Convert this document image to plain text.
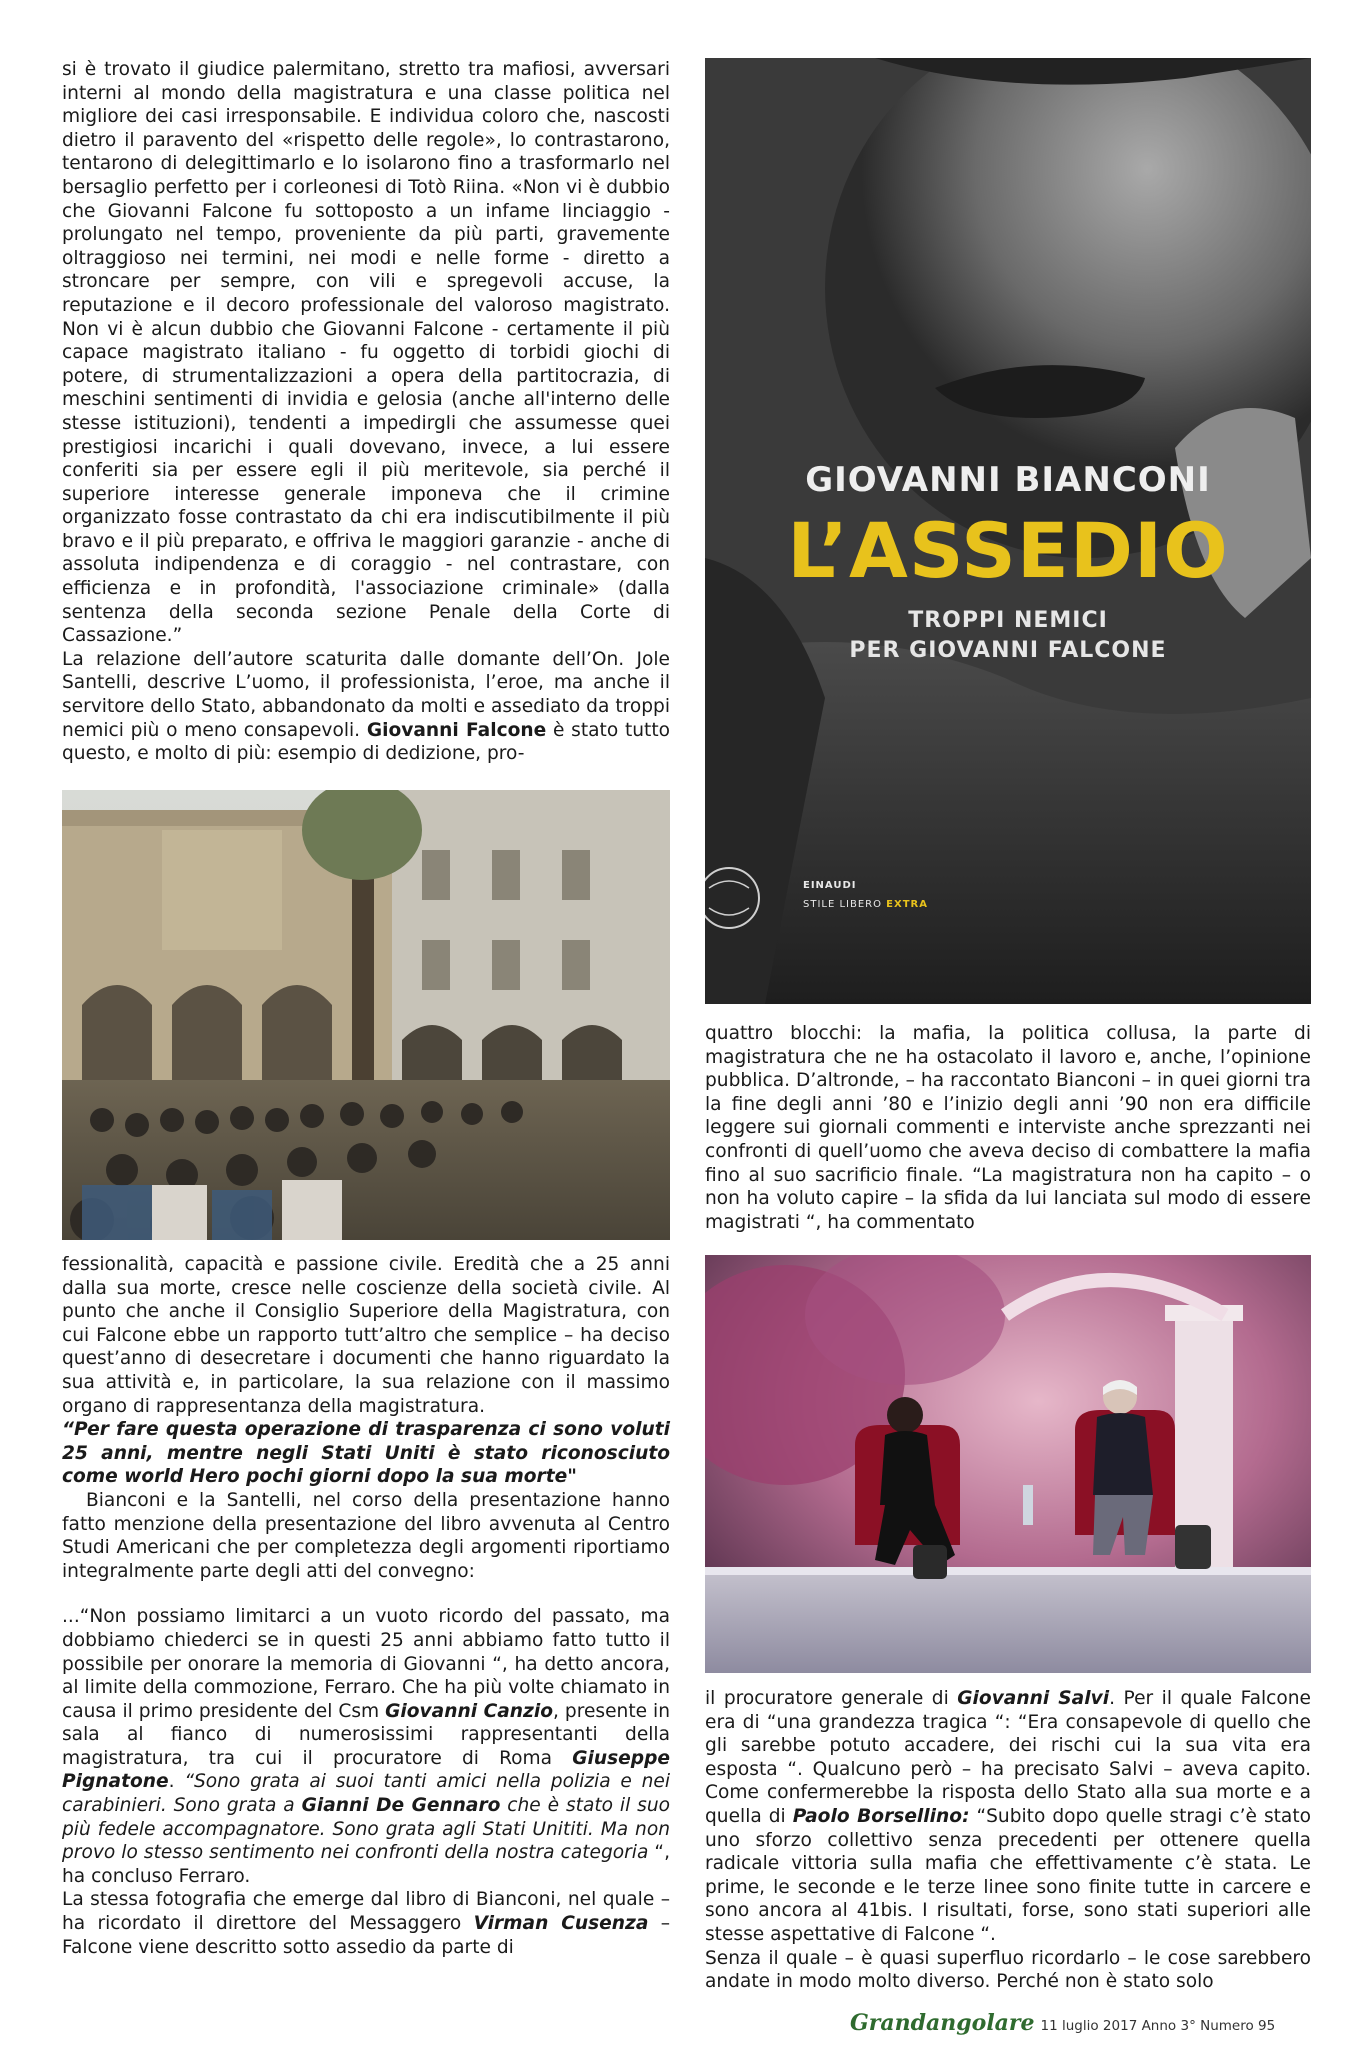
si è trovato il giudice palermitano, stretto tra mafiosi, avversari interni al mondo della magistratura e una classe politica nel migliore dei casi irresponsabile. E individua coloro che, nascosti dietro il paravento del «rispetto delle regole», lo contrastarono, tentarono di delegittimarlo e lo isolarono fino a trasformarlo nel bersaglio perfetto per i corleonesi di Totò Riina. «Non vi è dubbio che Giovanni Falcone fu sottoposto a un infame linciaggio - prolungato nel tempo, proveniente da più parti, gravemente oltraggioso nei termini, nei modi e nelle forme - diretto a stroncare per sempre, con vili e spregevoli accuse, la reputazione e il decoro professionale del valoroso magistrato. Non vi è alcun dubbio che Giovanni Falcone - certamente il più capace magistrato italiano - fu oggetto di torbidi giochi di potere, di strumentalizzazioni a opera della partitocrazia, di meschini sentimenti di invidia e gelosia (anche all'interno delle stesse istituzioni), tendenti a impedirgli che assumesse quei prestigiosi incarichi i quali dovevano, invece, a lui essere conferiti sia per essere egli il più meritevole, sia perché il superiore interesse generale imponeva che il crimine organizzato fosse contrastato da chi era indiscutibilmente il più bravo e il più preparato, e offriva le maggiori garanzie - anche di assoluta indipendenza e di coraggio - nel contrastare, con efficienza e in profondità, l'associazione criminale» (dalla sentenza della seconda sezione Penale della Corte di Cassazione.”

La relazione dell’autore scaturita dalle domante dell’On. Jole Santelli, descrive L’uomo, il professionista, l’eroe, ma anche il servitore dello Stato, abbandonato da molti e assediato da troppi nemici più o meno consapevoli. Giovanni Falcone è stato tutto questo, e molto di più: esempio di dedizione, pro-

fessionalità, capacità e passione civile. Eredità che a 25 anni dalla sua morte, cresce nelle coscienze della società civile. Al punto che anche il Consiglio Superiore della Magistratura, con cui Falcone ebbe un rapporto tutt’altro che semplice – ha deciso quest’anno di desecretare i documenti che hanno riguardato la sua attività e, in particolare, la sua relazione con il massimo organo di rappresentanza della magistratura.

“Per fare questa operazione di trasparenza ci sono voluti 25 anni, mentre negli Stati Uniti è stato riconosciuto come world Hero pochi giorni dopo la sua morte"

Bianconi e la Santelli, nel corso della presentazione hanno fatto menzione della presentazione del libro avvenuta al Centro Studi Americani che per completezza degli argomenti riportiamo integralmente parte degli atti del convegno:

...“Non possiamo limitarci a un vuoto ricordo del passato, ma dobbiamo chiederci se in questi 25 anni abbiamo fatto tutto il possibile per onorare la memoria di Giovanni “, ha detto ancora, al limite della commozione, Ferraro. Che ha più volte chiamato in causa il primo presidente del Csm Giovanni Canzio, presente in sala al fianco di numerosissimi rappresentanti della magistratura, tra cui il procuratore di Roma Giuseppe Pignatone. “Sono grata ai suoi tanti amici nella polizia e nei carabinieri. Sono grata a Gianni De Gennaro che è stato il suo più fedele accompagnatore. Sono grata agli Stati Unititi. Ma non provo lo stesso sentimento nei confronti della nostra categoria “, ha concluso Ferraro.

La stessa fotografia che emerge dal libro di Bianconi, nel quale – ha ricordato il direttore del Messaggero Virman Cusenza – Falcone viene descritto sotto assedio da parte di

GIOVANNI BIANCONI
L’ASSEDIO
TROPPI NEMICI
PER GIOVANNI FALCONE
EINAUDI
STILE LIBERO EXTRA

quattro blocchi: la mafia, la politica collusa, la parte di magistratura che ne ha ostacolato il lavoro e, anche, l’opinione pubblica. D’altronde, – ha raccontato Bianconi – in quei giorni tra la fine degli anni ’80 e l’inizio degli anni ’90 non era difficile leggere sui giornali commenti e interviste anche sprezzanti nei confronti di quell’uomo che aveva deciso di combattere la mafia fino al suo sacrificio finale. “La magistratura non ha capito – o non ha voluto capire – la sfida da lui lanciata sul modo di essere magistrati “, ha commentato

il procuratore generale di Giovanni Salvi. Per il quale Falcone era di “una grandezza tragica “: “Era consapevole di quello che gli sarebbe potuto accadere, dei rischi cui la sua vita era esposta “. Qualcuno però – ha precisato Salvi – aveva capito. Come confermerebbe la risposta dello Stato alla sua morte e a quella di Paolo Borsellino: “Subito dopo quelle stragi c’è stato uno sforzo collettivo senza precedenti per ottenere quella radicale vittoria sulla mafia che effettivamente c’è stata. Le prime, le seconde e le terze linee sono finite tutte in carcere e sono ancora al 41bis. I risultati, forse, sono stati superiori alle stesse aspettative di Falcone “.

Senza il quale – è quasi superfluo ricordarlo – le cose sarebbero andate in modo molto diverso. Perché non è stato solo

Grandangolare 11 luglio 2017 Anno 3° Numero 95
